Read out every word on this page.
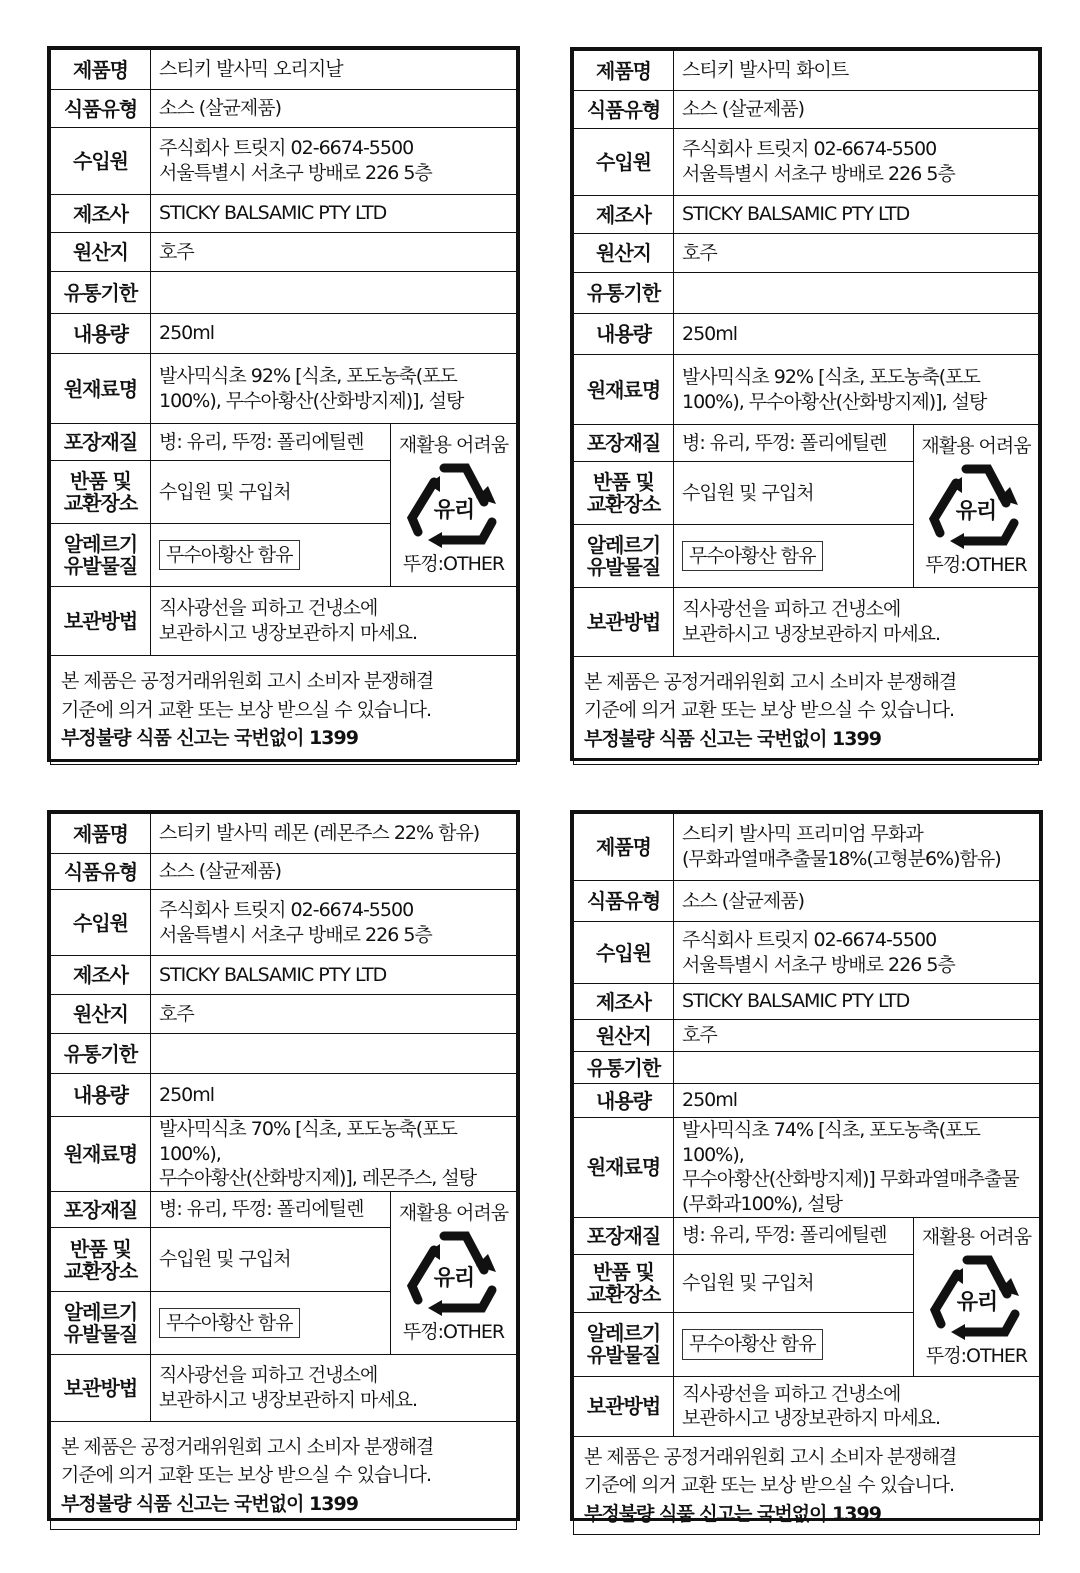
제품명	스티키 발사믹 오리지날	
식품유형	소스 (살균제품)	
수입원	주식회사 트릿지 02-6674-5500
서울특별시 서초구 방배로 226 5층	
제조사	STICKY BALSAMIC PTY LTD	
원산지	호주	
유통기한		
내용량	250ml	
원재료명	발사믹식초 92% [식초, 포도농축(포도
100%), 무수아황산(산화방지제)], 설탕	
포장재질	병: 유리, 뚜껑: 폴리에틸렌	재활용 어려움
유리
뚜껑:OTHER

반품 및
교환장소	수입원 및 구입처	
알레르기
유발물질	무수아황산 함유	
보관방법	직사광선을 피하고 건냉소에
보관하시고 냉장보관하지 마세요.	

본 제품은 공정거래위원회 고시 소비자 분쟁해결
기준에 의거 교환 또는 보상 받으실 수 있습니다.
부정불량 식품 신고는 국번없이 1399		
제품명	스티키 발사믹 화이트	
식품유형	소스 (살균제품)	
수입원	주식회사 트릿지 02-6674-5500
서울특별시 서초구 방배로 226 5층	
제조사	STICKY BALSAMIC PTY LTD	
원산지	호주	
유통기한		
내용량	250ml	
원재료명	발사믹식초 92% [식초, 포도농축(포도
100%), 무수아황산(산화방지제)], 설탕	
포장재질	병: 유리, 뚜껑: 폴리에틸렌	재활용 어려움
유리
뚜껑:OTHER

반품 및
교환장소	수입원 및 구입처	
알레르기
유발물질	무수아황산 함유	
보관방법	직사광선을 피하고 건냉소에
보관하시고 냉장보관하지 마세요.	

본 제품은 공정거래위원회 고시 소비자 분쟁해결
기준에 의거 교환 또는 보상 받으실 수 있습니다.
부정불량 식품 신고는 국번없이 1399		
제품명	스티키 발사믹 레몬 (레몬주스 22% 함유)	
식품유형	소스 (살균제품)	
수입원	주식회사 트릿지 02-6674-5500
서울특별시 서초구 방배로 226 5층	
제조사	STICKY BALSAMIC PTY LTD	
원산지	호주	
유통기한		
내용량	250ml	
원재료명	발사믹식초 70% [식초, 포도농축(포도 100%),
무수아황산(산화방지제)], 레몬주스, 설탕	
포장재질	병: 유리, 뚜껑: 폴리에틸렌	재활용 어려움
유리
뚜껑:OTHER

반품 및
교환장소	수입원 및 구입처	
알레르기
유발물질	무수아황산 함유	
보관방법	직사광선을 피하고 건냉소에
보관하시고 냉장보관하지 마세요.	

본 제품은 공정거래위원회 고시 소비자 분쟁해결
기준에 의거 교환 또는 보상 받으실 수 있습니다.
부정불량 식품 신고는 국번없이 1399		
제품명	스티키 발사믹 프리미엄 무화과
(무화과열매추출물18%(고형분6%)함유)	
식품유형	소스 (살균제품)	
수입원	주식회사 트릿지 02-6674-5500
서울특별시 서초구 방배로 226 5층	
제조사	STICKY BALSAMIC PTY LTD	
원산지	호주	
유통기한		
내용량	250ml	
원재료명	발사믹식초 74% [식초, 포도농축(포도100%),
무수아황산(산화방지제)] 무화과열매추출물
(무화과100%), 설탕	
포장재질	병: 유리, 뚜껑: 폴리에틸렌	재활용 어려움
유리
뚜껑:OTHER

반품 및
교환장소	수입원 및 구입처	
알레르기
유발물질	무수아황산 함유	
보관방법	직사광선을 피하고 건냉소에
보관하시고 냉장보관하지 마세요.	

본 제품은 공정거래위원회 고시 소비자 분쟁해결
기준에 의거 교환 또는 보상 받으실 수 있습니다.
부정불량 식품 신고는 국번없이 1399		
